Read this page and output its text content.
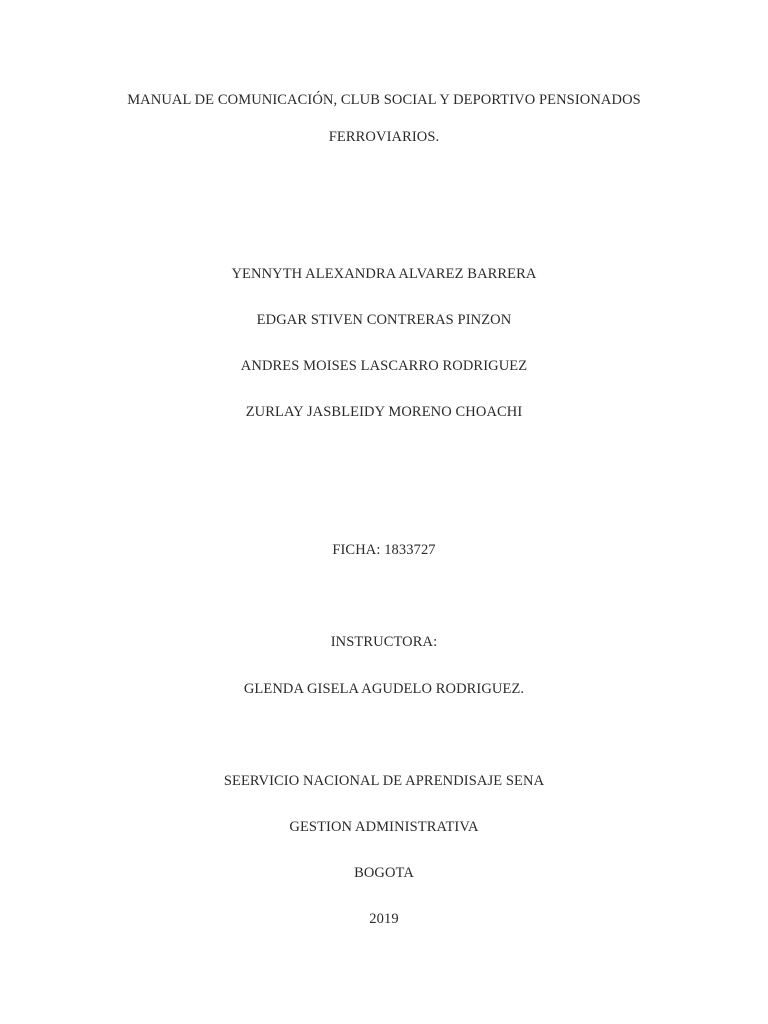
MANUAL DE COMUNICACIÓN, CLUB SOCIAL Y DEPORTIVO PENSIONADOS
FERROVIARIOS.
YENNYTH ALEXANDRA ALVAREZ BARRERA
EDGAR STIVEN CONTRERAS PINZON
ANDRES MOISES LASCARRO RODRIGUEZ
ZURLAY JASBLEIDY MORENO CHOACHI
FICHA: 1833727
INSTRUCTORA:
GLENDA GISELA AGUDELO RODRIGUEZ.
SEERVICIO NACIONAL DE APRENDISAJE SENA
GESTION ADMINISTRATIVA
BOGOTA
2019
